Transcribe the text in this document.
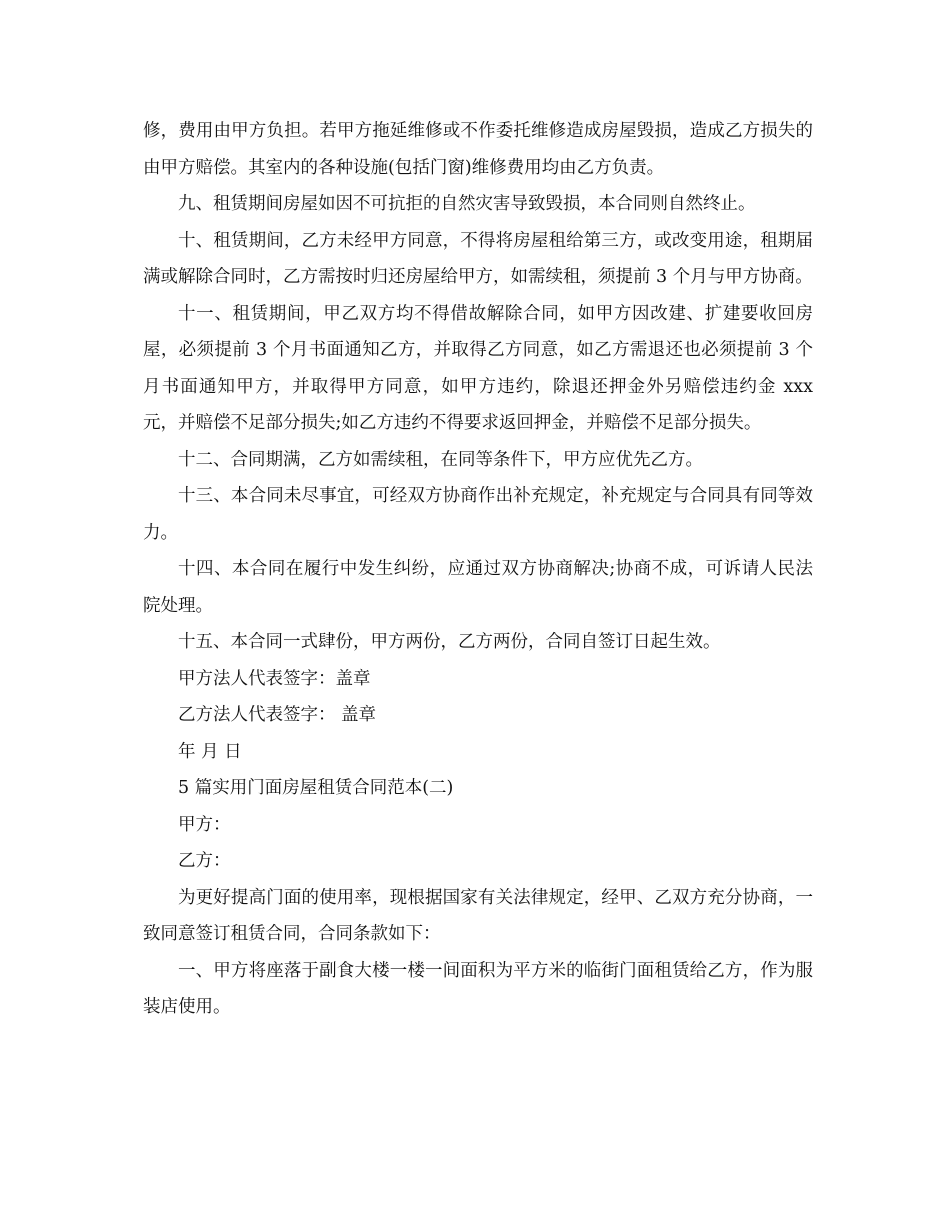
修，费用由甲方负担。若甲方拖延维修或不作委托维修造成房屋毁损，造成乙方损失的由甲方赔偿。其室内的各种设施(包括门窗)维修费用均由乙方负责。

九、租赁期间房屋如因不可抗拒的自然灾害导致毁损，本合同则自然终止。

十、租赁期间，乙方未经甲方同意，不得将房屋租给第三方，或改变用途，租期届满或解除合同时，乙方需按时归还房屋给甲方，如需续租，须提前 3 个月与甲方协商。

十一、租赁期间，甲乙双方均不得借故解除合同，如甲方因改建、扩建要收回房屋，必须提前 3 个月书面通知乙方，并取得乙方同意，如乙方需退还也必须提前 3 个月书面通知甲方，并取得甲方同意，如甲方违约，除退还押金外另赔偿违约金 xxx 元，并赔偿不足部分损失;如乙方违约不得要求返回押金，并赔偿不足部分损失。

十二、合同期满，乙方如需续租，在同等条件下，甲方应优先乙方。

十三、本合同未尽事宜，可经双方协商作出补充规定，补充规定与合同具有同等效力。

十四、本合同在履行中发生纠纷，应通过双方协商解决;协商不成，可诉请人民法院处理。

十五、本合同一式肆份，甲方两份，乙方两份，合同自签订日起生效。

甲方法人代表签字：盖章

乙方法人代表签字： 盖章

年 月 日

5 篇实用门面房屋租赁合同范本(二)

甲方：

乙方：

为更好提高门面的使用率，现根据国家有关法律规定，经甲、乙双方充分协商，一致同意签订租赁合同，合同条款如下：

一、甲方将座落于副食大楼一楼一间面积为平方米的临街门面租赁给乙方，作为服装店使用。
